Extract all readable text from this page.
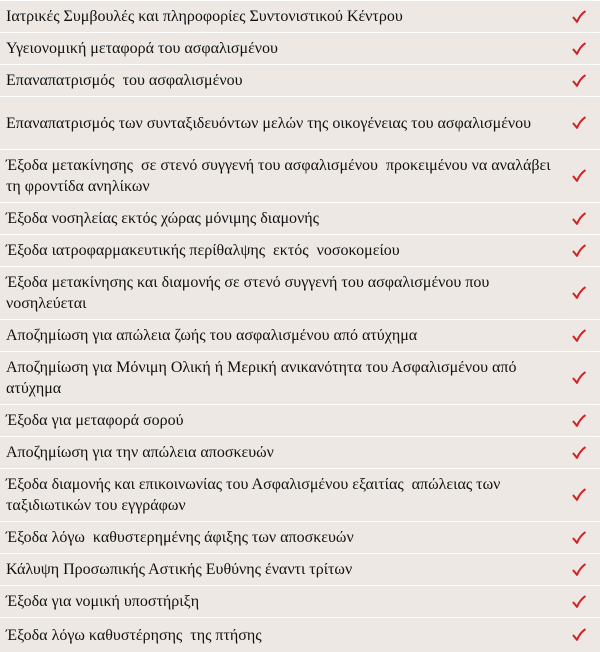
Ιατρικές Συμβουλές και πληροφορίες Συντονιστικού Κέντρου
Υγειονομική μεταφορά του ασφαλισμένου
Επαναπατρισμός  του ασφαλισμένου
Επαναπατρισμός των συνταξιδευόντων μελών της οικογένειας του ασφαλισμένου
Έξοδα μετακίνησης  σε στενό συγγενή του ασφαλισμένου  προκειμένου να αναλάβει τη φροντίδα ανηλίκων
Έξοδα νοσηλείας εκτός χώρας μόνιμης διαμονής
Έξοδα ιατροφαρμακευτικής περίθαλψης  εκτός  νοσοκομείου
Έξοδα μετακίνησης και διαμονής σε στενό συγγενή του ασφαλισμένου που νοσηλεύεται
Αποζημίωση για απώλεια ζωής του ασφαλισμένου από ατύχημα
Αποζημίωση για Μόνιμη Ολική ή Μερική ανικανότητα του Ασφαλισμένου από ατύχημα
Έξοδα για μεταφορά σορού
Αποζημίωση για την απώλεια αποσκευών
Έξοδα διαμονής και επικοινωνίας του Ασφαλισμένου εξαιτίας  απώλειας των  ταξιδιωτικών του εγγράφων
Έξοδα λόγω  καθυστερημένης άφιξης των αποσκευών
Κάλυψη Προσωπικής Αστικής Ευθύνης έναντι τρίτων
Έξοδα για νομική υποστήριξη
Έξοδα λόγω καθυστέρησης  της πτήσης
